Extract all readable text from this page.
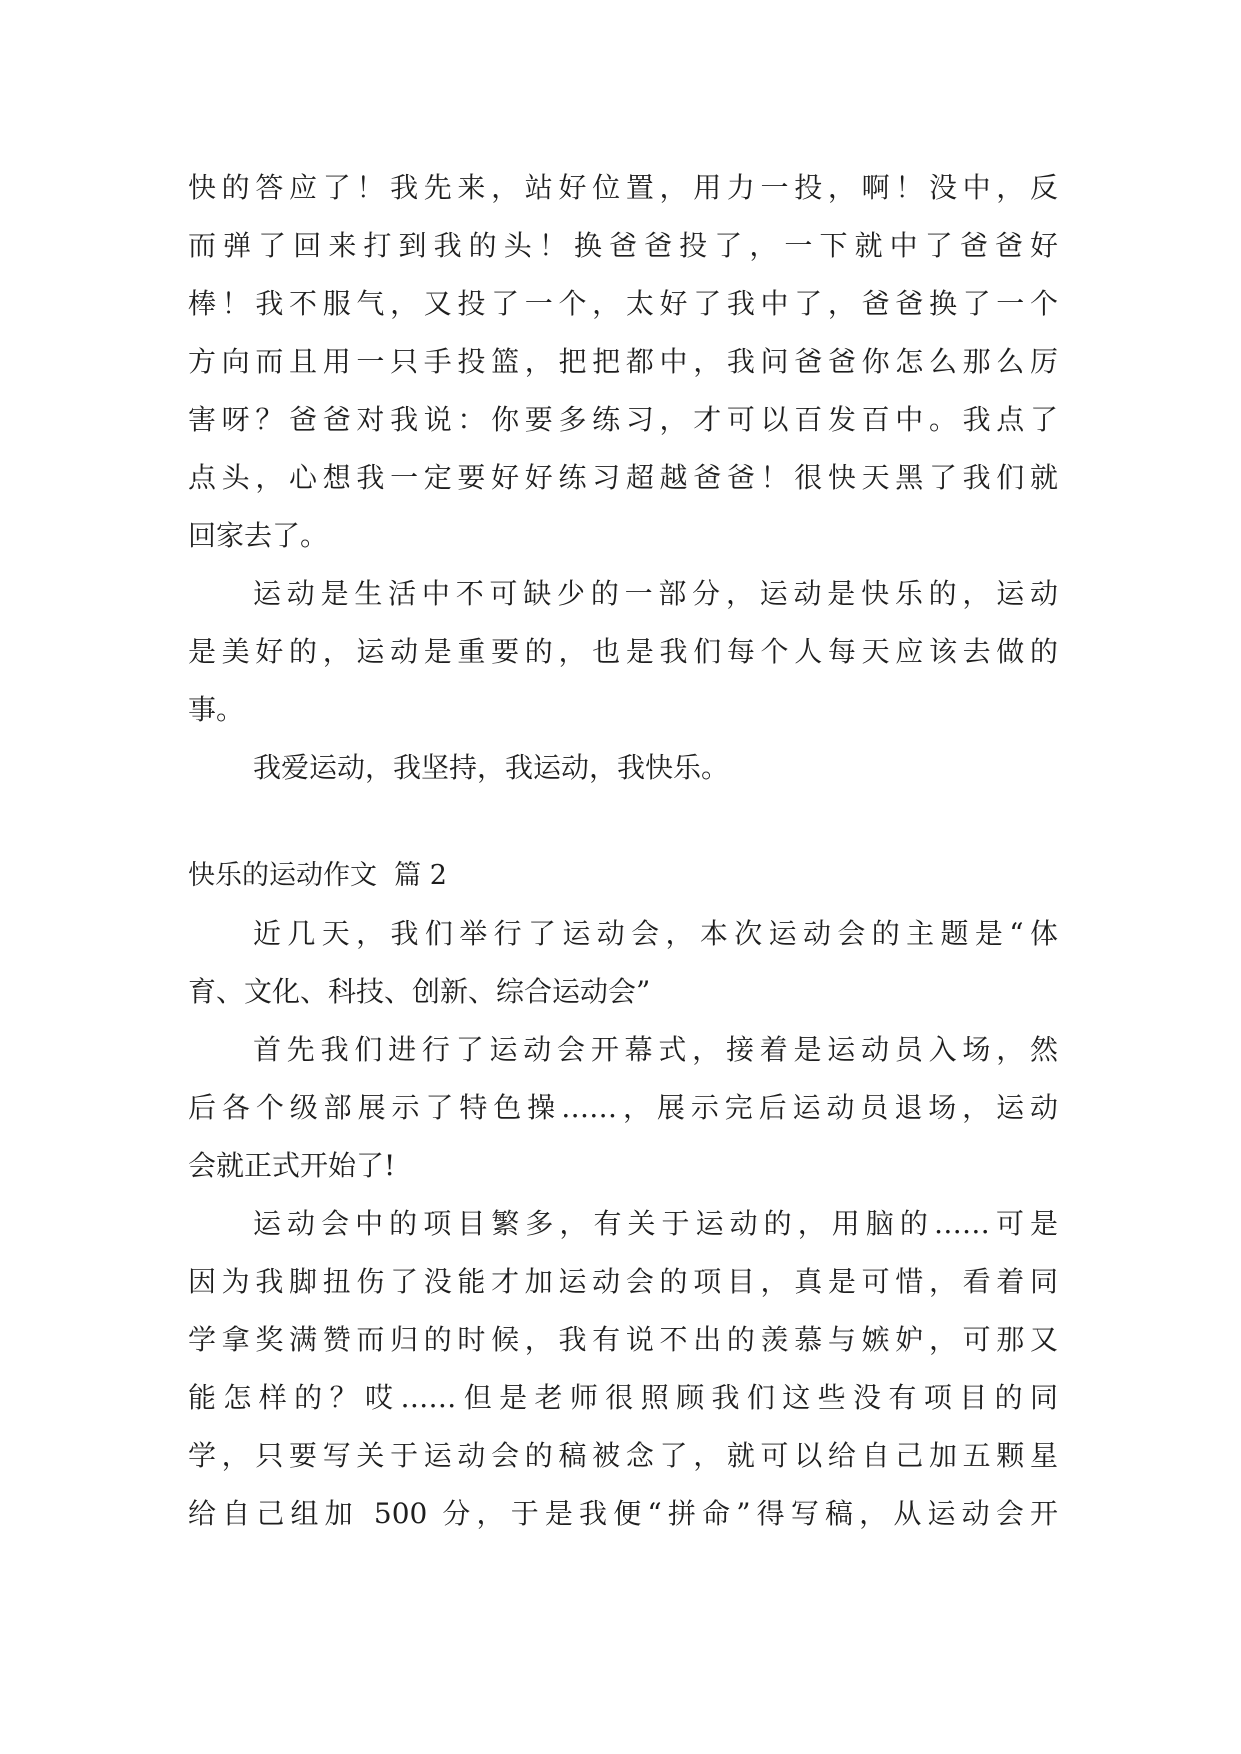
快的答应了！我先来，站好位置，用力一投，啊！没中，反
而弹了回来打到我的头！换爸爸投了，一下就中了爸爸好
棒！我不服气，又投了一个，太好了我中了，爸爸换了一个
方向而且用一只手投篮，把把都中，我问爸爸你怎么那么厉
害呀？爸爸对我说：你要多练习，才可以百发百中。我点了
点头，心想我一定要好好练习超越爸爸！很快天黑了我们就
回家去了。
运动是生活中不可缺少的一部分，运动是快乐的，运动
是美好的，运动是重要的，也是我们每个人每天应该去做的
事。
我爱运动，我坚持，我运动，我快乐。
快乐的运动作文  篇 2
近几天，我们举行了运动会，本次运动会的主题是“体
育、文化、科技、创新、综合运动会”
首先我们进行了运动会开幕式，接着是运动员入场，然
后各个级部展示了特色操……，展示完后运动员退场，运动
会就正式开始了!
运动会中的项目繁多，有关于运动的，用脑的……可是
因为我脚扭伤了没能才加运动会的项目，真是可惜，看着同
学拿奖满赞而归的时候，我有说不出的羡慕与嫉妒，可那又
能怎样的？哎……但是老师很照顾我们这些没有项目的同
学，只要写关于运动会的稿被念了，就可以给自己加五颗星
给自己组加 500 分，于是我便“拼命”得写稿，从运动会开
